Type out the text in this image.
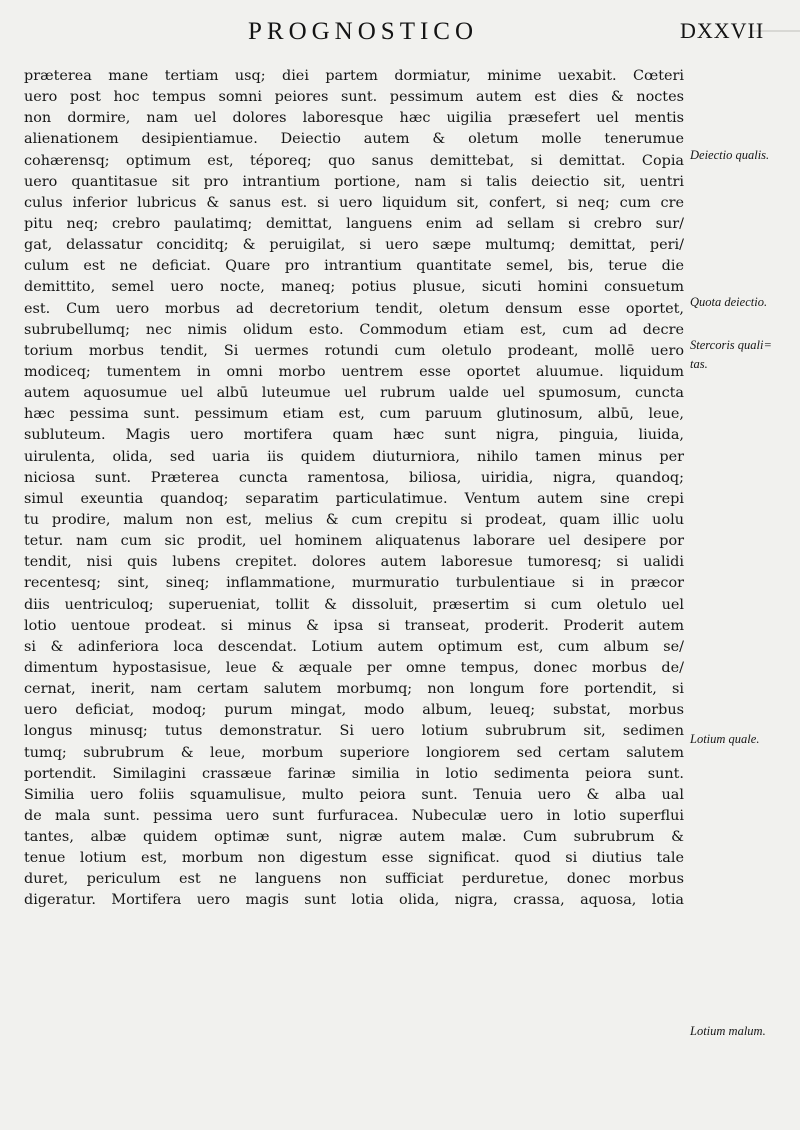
PROGNOSTICO	DXXVII
præterea mane tertiam usq; diei partem dormiatur, minime uexabit. Cœteri
uero post hoc tempus somni peiores sunt. pessimum autem est dies & noctes
non dormire, nam uel dolores laboresque hæc uigilia præsefert uel mentis
alienationem desipientiamue. Deiectio autem & oletum molle tenerumue
cohærensq; optimum est, téporeq; quo sanus demittebat, si demittat. Copia
uero quantitasue sit pro intrantium portione, nam si talis deiectio sit, uentri
culus inferior lubricus & sanus est. si uero liquidum sit, confert, si neq; cum cre
pitu neq; crebro paulatimq; demittat, languens enim ad sellam si crebro sur/
gat, delassatur conciditq; & peruigilat, si uero sæpe multumq; demittat, peri/
culum est ne deficiat. Quare pro intrantium quantitate semel, bis, terue die
demittito, semel uero nocte, maneq; potius plusue, sicuti homini consuetum
est. Cum uero morbus ad decretorium tendit, oletum densum esse oportet,
subrubellumq; nec nimis olidum esto. Commodum etiam est, cum ad decre
torium morbus tendit, Si uermes rotundi cum oletulo prodeant, mollē uero
modiceq; tumentem in omni morbo uentrem esse oportet aluumue. liquidum
autem aquosumue uel albū luteumue uel rubrum ualde uel spumosum, cuncta
hæc pessima sunt. pessimum etiam est, cum paruum glutinosum, albū, leue,
subluteum. Magis uero mortifera quam hæc sunt nigra, pinguia, liuida,
uirulenta, olida, sed uaria iis quidem diuturniora, nihilo tamen minus per
niciosa sunt. Præterea cuncta ramentosa, biliosa, uiridia, nigra, quandoq;
simul exeuntia quandoq; separatim particulatimue. Ventum autem sine crepi
tu prodire, malum non est, melius & cum crepitu si prodeat, quam illic uolu
tetur. nam cum sic prodit, uel hominem aliquatenus laborare uel desipere por
tendit, nisi quis lubens crepitet. dolores autem laboresue tumoresq; si ualidi
recentesq; sint, sineq; inflammatione, murmuratio turbulentiaue si in præcor
diis uentriculoq; superueniat, tollit & dissoluit, præsertim si cum oletulo uel
lotio uentoue prodeat. si minus & ipsa si transeat, proderit. Proderit autem
si & adinferiora loca descendat. Lotium autem optimum est, cum album se/
dimentum hypostasisue, leue & æquale per omne tempus, donec morbus de/
cernat, inerit, nam certam salutem morbumq; non longum fore portendit, si
uero deficiat, modoq; purum mingat, modo album, leueq; substat, morbus
longus minusq; tutus demonstratur. Si uero lotium subrubrum sit, sedimen
tumq; subrubrum & leue, morbum superiore longiorem sed certam salutem
portendit. Similagini crassæue farinæ similia in lotio sedimenta peiora sunt.
Similia uero foliis squamulisue, multo peiora sunt. Tenuia uero & alba ual
de mala sunt. pessima uero sunt furfuracea. Nubeculæ uero in lotio superflui
tantes, albæ quidem optimæ sunt, nigræ autem malæ. Cum subrubrum &
tenue lotium est, morbum non digestum esse significat. quod si diutius tale
duret, periculum est ne languens non sufficiat perduretue, donec morbus
digeratur. Mortifera uero magis sunt lotia olida, nigra, crassa, aquosa, lotia
Deiectio qualis.
Quota deiectio.
Stercoris quali=
tas.
Lotium quale.
Lotium malum.
